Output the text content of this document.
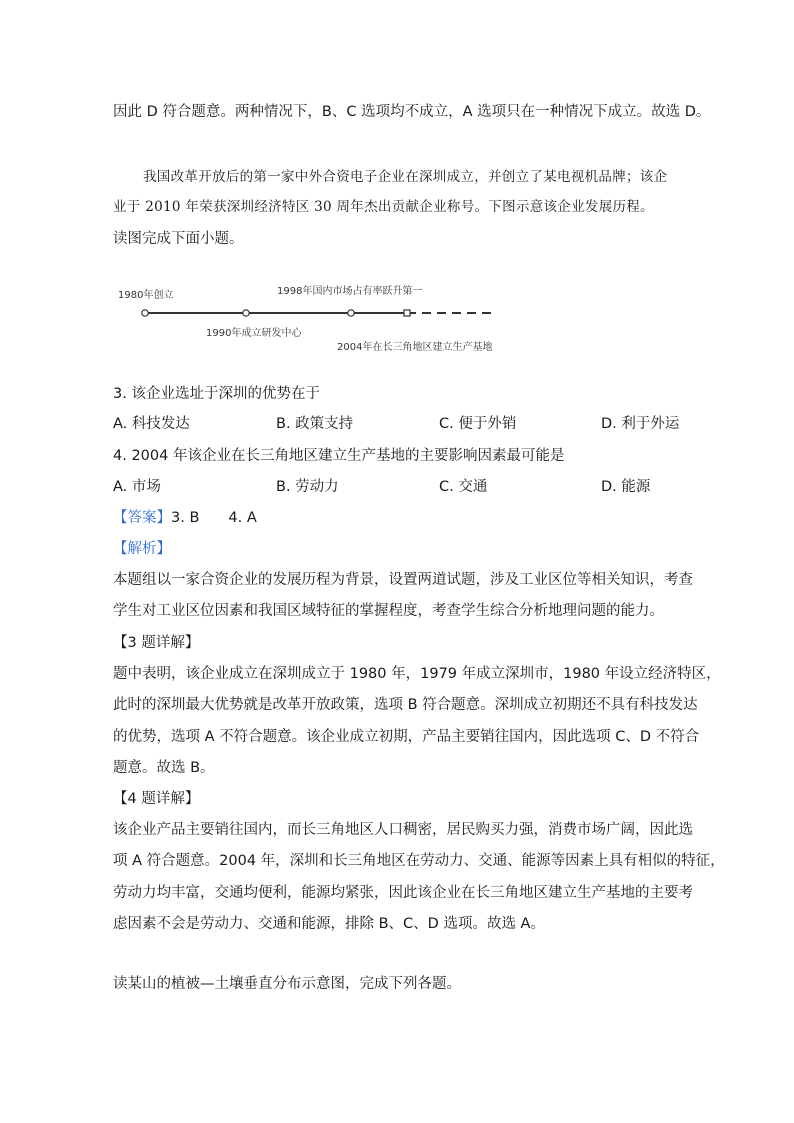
因此 D 符合题意。两种情况下，B、C 选项均不成立，A 选项只在一种情况下成立。故选 D。
我国改革开放后的第一家中外合资电子企业在深圳成立，并创立了某电视机品牌；该企
业于 2010 年荣获深圳经济特区 30 周年杰出贡献企业称号。下图示意该企业发展历程。
读图完成下面小题。
1980年创立
1990年成立研发中心
1998年国内市场占有率跃升第一
2004年在长三角地区建立生产基地
3. 该企业选址于深圳的优势在于
A. 科技发达	B. 政策支持	C. 便于外销	D. 利于外运
4. 2004 年该企业在长三角地区建立生产基地的主要影响因素最可能是
A. 市场	B. 劳动力	C. 交通	D. 能源
【答案】3. B　　4. A
【解析】
本题组以一家合资企业的发展历程为背景，设置两道试题，涉及工业区位等相关知识，考查
学生对工业区位因素和我国区域特征的掌握程度，考查学生综合分析地理问题的能力。
【3 题详解】
题中表明，该企业成立在深圳成立于 1980 年，1979 年成立深圳市，1980 年设立经济特区，
此时的深圳最大优势就是改革开放政策，选项 B 符合题意。深圳成立初期还不具有科技发达
的优势，选项 A 不符合题意。该企业成立初期，产品主要销往国内，因此选项 C、D 不符合
题意。故选 B。
【4 题详解】
该企业产品主要销往国内，而长三角地区人口稠密，居民购买力强，消费市场广阔，因此选
项 A 符合题意。2004 年，深圳和长三角地区在劳动力、交通、能源等因素上具有相似的特征，
劳动力均丰富，交通均便利，能源均紧张，因此该企业在长三角地区建立生产基地的主要考
虑因素不会是劳动力、交通和能源，排除 B、C、D 选项。故选 A。
读某山的植被—土壤垂直分布示意图，完成下列各题。
